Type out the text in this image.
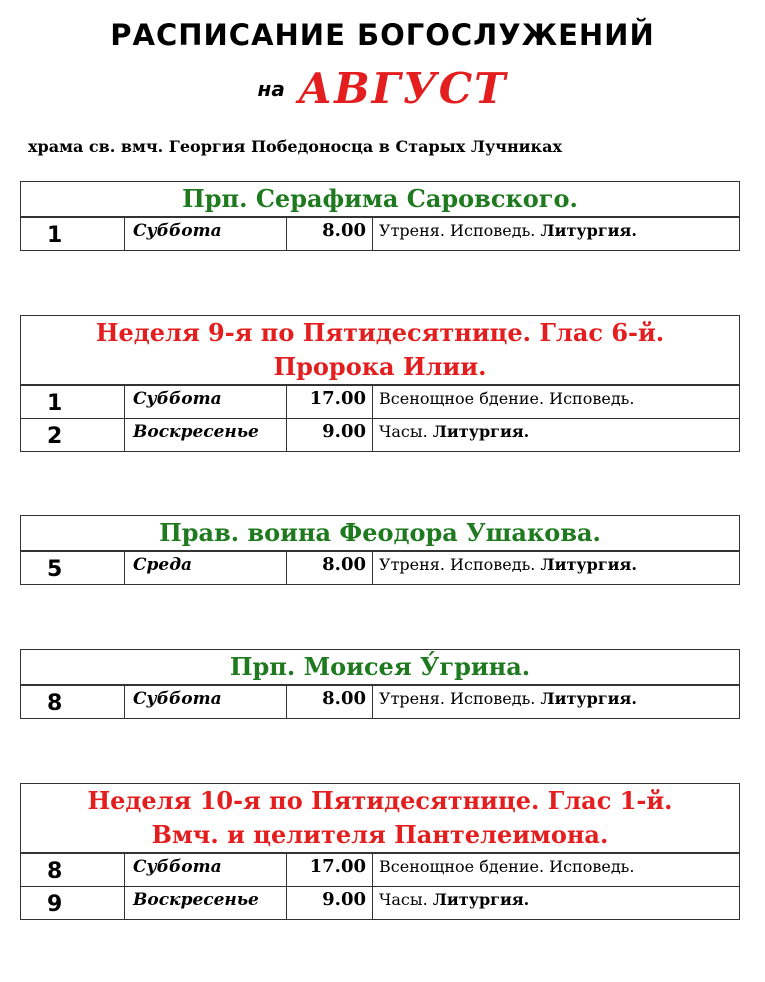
РАСПИСАНИЕ БОГОСЛУЖЕНИЙ
на АВГУСТ
храма св. вмч. Георгия Победоносца в Старых Лучниках
Прп. Серафима Саровского.
1	Суббота	8.00 Утреня. Исповедь. Литургия.
Неделя 9-я по Пятидесятнице. Глас 6-й.
Пророка Илии.
1	Суббота	17.00 Всенощное бдение. Исповедь.
2	Воскресенье	9.00 Часы. Литургия.
Прав. воина Феодора Ушакова.
5	Среда	8.00 Утреня. Исповедь. Литургия.
Прп. Моисея У́грина.
8	Суббота	8.00 Утреня. Исповедь. Литургия.
Неделя 10-я по Пятидесятнице. Глас 1-й.
Вмч. и целителя Пантелеимона.
8	Суббота	17.00 Всенощное бдение. Исповедь.
9	Воскресенье	9.00 Часы. Литургия.
